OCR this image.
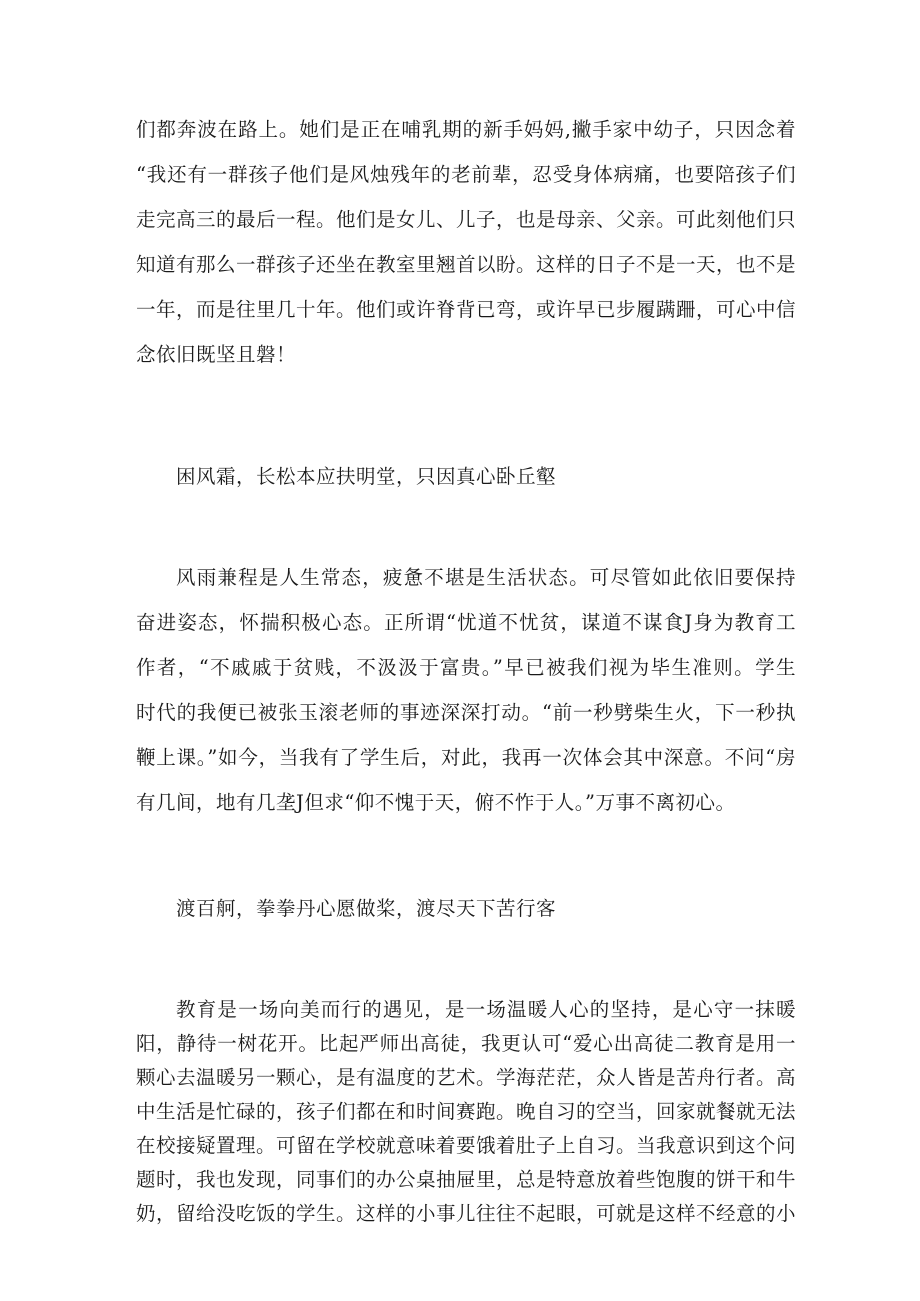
们都奔波在路上。她们是正在哺乳期的新手妈妈,撇手家中幼子，只因念着
“我还有一群孩子他们是风烛残年的老前辈，忍受身体病痛，也要陪孩子们
走完高三的最后一程。他们是女儿、儿子，也是母亲、父亲。可此刻他们只
知道有那么一群孩子还坐在教室里翘首以盼。这样的日子不是一天，也不是
一年，而是往里几十年。他们或许脊背已弯，或许早已步履蹒跚，可心中信
念依旧既坚且磐！
困风霜，长松本应扶明堂，只因真心卧丘壑
风雨兼程是人生常态，疲惫不堪是生活状态。可尽管如此依旧要保持
奋进姿态，怀揣积极心态。正所谓“忧道不忧贫，谋道不谋食J身为教育工
作者，“不戚戚于贫贱，不汲汲于富贵。”早已被我们视为毕生准则。学生
时代的我便已被张玉滚老师的事迹深深打动。“前一秒劈柴生火，下一秒执
鞭上课。”如今，当我有了学生后，对此，我再一次体会其中深意。不问“房
有几间，地有几垄J但求“仰不愧于天，俯不怍于人。”万事不离初心。
渡百舸，拳拳丹心愿做桨，渡尽天下苦行客
教育是一场向美而行的遇见，是一场温暖人心的坚持，是心守一抹暖
阳，静待一树花开。比起严师出高徒，我更认可“爱心出高徒二教育是用一
颗心去温暖另一颗心，是有温度的艺术。学海茫茫，众人皆是苦舟行者。高
中生活是忙碌的，孩子们都在和时间赛跑。晚自习的空当，回家就餐就无法
在校接疑置理。可留在学校就意味着要饿着肚子上自习。当我意识到这个问
题时，我也发现，同事们的办公桌抽屉里，总是特意放着些饱腹的饼干和牛
奶，留给没吃饭的学生。这样的小事儿往往不起眼，可就是这样不经意的小
